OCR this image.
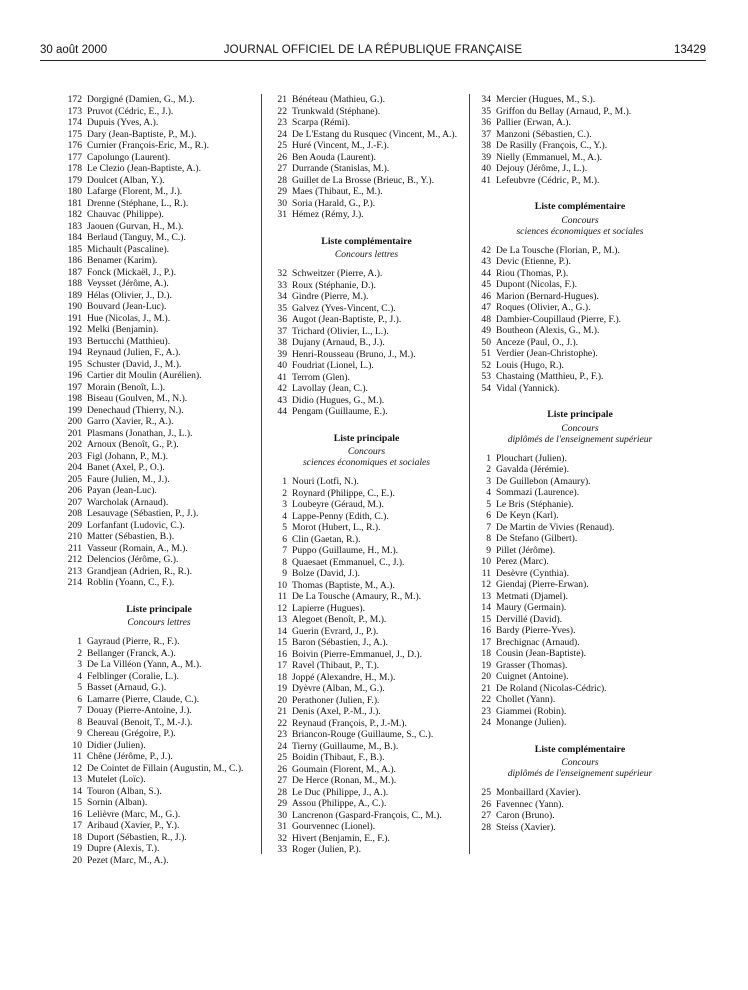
30 août 2000	JOURNAL OFFICIEL DE LA RÉPUBLIQUE FRANÇAISE	13429
172 Dorgigné (Damien, G., M.).
173 Pruvot (Cédric, E., J.).
174 Dupuis (Yves, A.).
175 Dary (Jean-Baptiste, P., M.).
176 Curnier (François-Eric, M., R.).
177 Capolungo (Laurent).
178 Le Clezio (Jean-Baptiste, A.).
179 Doulcet (Alban, Y.).
180 Lafarge (Florent, M., J.).
181 Drenne (Stéphane, L., R.).
182 Chauvac (Philippe).
183 Jaouen (Gurvan, H., M.).
184 Berlaud (Tanguy, M., C.).
185 Michault (Pascaline).
186 Benamer (Karim).
187 Fonck (Mickaël, J., P.).
188 Veysset (Jérôme, A.).
189 Hélas (Olivier, J., D.).
190 Bouvard (Jean-Luc).
191 Hue (Nicolas, J., M.).
192 Melki (Benjamin).
193 Bertucchi (Matthieu).
194 Reynaud (Julien, F., A.).
195 Schuster (David, J., M.).
196 Cartier dit Moulin (Aurélien).
197 Morain (Benoît, L.).
198 Biseau (Goulven, M., N.).
199 Denechaud (Thierry, N.).
200 Garro (Xavier, R., A.).
201 Plasmans (Jonathan, J., L.).
202 Arnoux (Benoît, G., P.).
203 Figl (Johann, P., M.).
204 Banet (Axel, P., O.).
205 Faure (Julien, M., J.).
206 Payan (Jean-Luc).
207 Warcholak (Arnaud).
208 Lesauvage (Sébastien, P., J.).
209 Lorfanfant (Ludovic, C.).
210 Matter (Sébastien, B.).
211 Vasseur (Romain, A., M.).
212 Delencios (Jérôme, G.).
213 Grandjean (Adrien, R., R.).
214 Roblin (Yoann, C., F.).
Liste principale
Concours lettres
1 Gayraud (Pierre, R., F.).
2 Bellanger (Franck, A.).
3 De La Villéon (Yann, A., M.).
4 Felblinger (Coralie, L.).
5 Basset (Arnaud, G.).
6 Lamarre (Pierre, Claude, C.).
7 Douay (Pierre-Antoine, J.).
8 Beauval (Benoit, T., M.-J.).
9 Chereau (Grégoire, P.).
10 Didier (Julien).
11 Chêne (Jérôme, P., J.).
12 De Cointet de Fillain (Augustin, M., C.).
13 Mutelet (Loïc).
14 Touron (Alban, S.).
15 Sornin (Alban).
16 Lelièvre (Marc, M., G.).
17 Aribaud (Xavier, P., Y.).
18 Duport (Sébastien, R., J.).
19 Dupre (Alexis, T.).
20 Pezet (Marc, M., A.).
21 Bénéteau (Mathieu, G.).
22 Trunkwald (Stéphane).
23 Scarpa (Rémi).
24 De L'Estang du Rusquec (Vincent, M., A.).
25 Huré (Vincent, M., J.-F.).
26 Ben Aouda (Laurent).
27 Durrande (Stanislas, M.).
28 Guillet de La Brosse (Brieuc, B., Y.).
29 Maes (Thibaut, E., M.).
30 Soria (Harald, G., P.).
31 Hémez (Rémy, J.).
Liste complémentaire
Concours lettres
32 Schweitzer (Pierre, A.).
33 Roux (Stéphanie, D.).
34 Gindre (Pierre, M.).
35 Galvez (Yves-Vincent, C.).
36 Augot (Jean-Baptiste, P., J.).
37 Trichard (Olivier, L., L.).
38 Dujany (Arnaud, B., J.).
39 Henri-Rousseau (Bruno, J., M.).
40 Foudriat (Lionel, L.).
41 Terrom (Glen).
42 Lavollay (Jean, C.).
43 Didio (Hugues, G., M.).
44 Pengam (Guillaume, E.).
Liste principale
Concours
sciences économiques et sociales
1 Nouri (Lotfi, N.).
2 Roynard (Philippe, C., E.).
3 Loubeyre (Géraud, M.).
4 Lappe-Penny (Edith, C.).
5 Morot (Hubert, L., R.).
6 Clin (Gaetan, R.).
7 Puppo (Guillaume, H., M.).
8 Quaesaet (Emmanuel, C., J.).
9 Bolze (David, J.).
10 Thomas (Baptiste, M., A.).
11 De La Tousche (Amaury, R., M.).
12 Lapierre (Hugues).
13 Alegoet (Benoît, P., M.).
14 Guerin (Evrard, J., P.).
15 Baron (Sébastien, J., A.).
16 Boivin (Pierre-Emmanuel, J., D.).
17 Ravel (Thibaut, P., T.).
18 Joppé (Alexandre, H., M.).
19 Dyèvre (Alban, M., G.).
20 Perathoner (Julien, F.).
21 Denis (Axel, P.-M., J.).
22 Reynaud (François, P., J.-M.).
23 Briancon-Rouge (Guillaume, S., C.).
24 Tierny (Guillaume, M., B.).
25 Boidin (Thibaut, F., B.).
26 Goumain (Florent, M., A.).
27 De Herce (Ronan, M., M.).
28 Le Duc (Philippe, J., A.).
29 Assou (Philippe, A., C.).
30 Lancrenon (Gaspard-François, C., M.).
31 Gourvennec (Lionel).
32 Hivert (Benjamin, E., F.).
33 Roger (Julien, P.).
34 Mercier (Hugues, M., S.).
35 Griffon du Bellay (Arnaud, P., M.).
36 Pallier (Erwan, A.).
37 Manzoni (Sébastien, C.).
38 De Rasilly (François, C., Y.).
39 Nielly (Emmanuel, M., A.).
40 Dejouy (Jérôme, J., L.).
41 Lefeubvre (Cédric, P., M.).
Liste complémentaire
Concours
sciences économiques et sociales
42 De La Tousche (Florian, P., M.).
43 Devic (Etienne, P.).
44 Riou (Thomas, P.).
45 Dupont (Nicolas, F.).
46 Marion (Bernard-Hugues).
47 Roques (Olivier, A., G.).
48 Dambier-Coupillaud (Pierre, F.).
49 Boutheon (Alexis, G., M.).
50 Anceze (Paul, O., J.).
51 Verdier (Jean-Christophe).
52 Louis (Hugo, R.).
53 Chastaing (Matthieu, P., F.).
54 Vidal (Yannick).
Liste principale
Concours
diplômés de l'enseignement supérieur
1 Plouchart (Julien).
2 Gavalda (Jérémie).
3 De Guillebon (Amaury).
4 Sommazi (Laurence).
5 Le Bris (Stéphanie).
6 De Keyn (Karl).
7 De Martin de Vivies (Renaud).
8 De Stefano (Gilbert).
9 Pillet (Jérôme).
10 Perez (Marc).
11 Desèvre (Cynthia).
12 Giendaj (Pierre-Erwan).
13 Metmati (Djamel).
14 Maury (Germain).
15 Dervillé (David).
16 Bardy (Pierre-Yves).
17 Brechignac (Arnaud).
18 Cousin (Jean-Baptiste).
19 Grasser (Thomas).
20 Cuignet (Antoine).
21 De Roland (Nicolas-Cédric).
22 Chollet (Yann).
23 Giammei (Robin).
24 Monange (Julien).
Liste complémentaire
Concours
diplômés de l'enseignement supérieur
25 Monbaillard (Xavier).
26 Favennec (Yann).
27 Caron (Bruno).
28 Steiss (Xavier).
